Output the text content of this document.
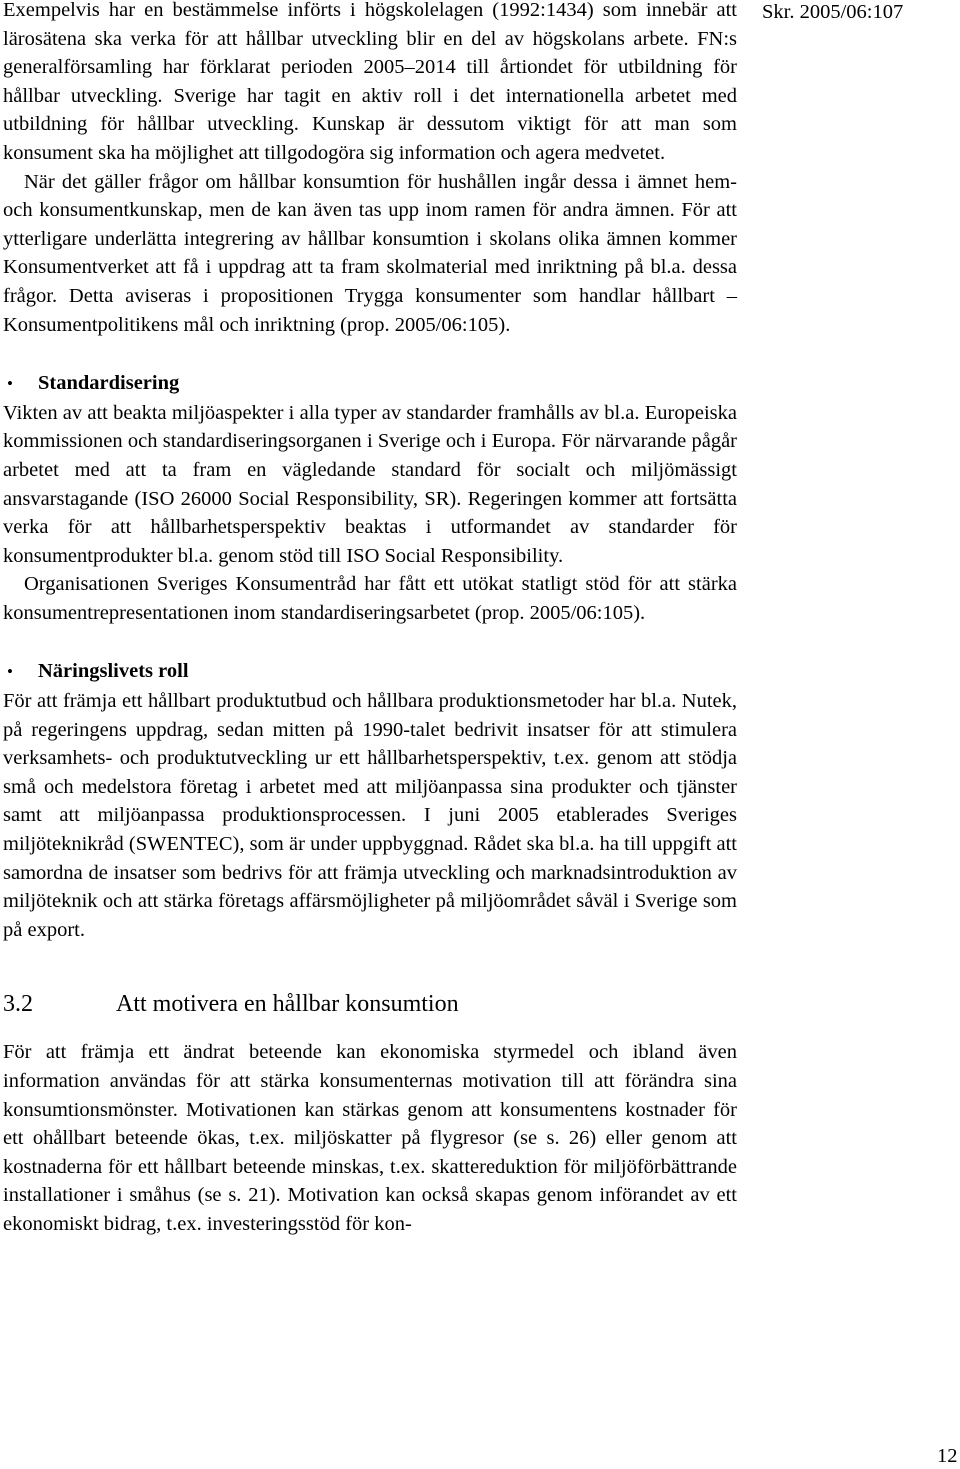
Exempelvis har en bestämmelse införts i högskolelagen (1992:1434) som innebär att lärosätena ska verka för att hållbar utveckling blir en del av högskolans arbete. FN:s generalförsamling har förklarat perioden 2005–2014 till årtiondet för utbildning för hållbar utveckling. Sverige har tagit en aktiv roll i det internationella arbetet med utbildning för hållbar utveckling. Kunskap är dessutom viktigt för att man som konsument ska ha möjlighet att tillgodogöra sig information och agera medvetet.

När det gäller frågor om hållbar konsumtion för hushållen ingår dessa i ämnet hem- och konsumentkunskap, men de kan även tas upp inom ramen för andra ämnen. För att ytterligare underlätta integrering av hållbar konsumtion i skolans olika ämnen kommer Konsumentverket att få i uppdrag att ta fram skolmaterial med inriktning på bl.a. dessa frågor. Detta aviseras i propositionen Trygga konsumenter som handlar hållbart – Konsumentpolitikens mål och inriktning (prop. 2005/06:105).

•	Standardisering

Vikten av att beakta miljöaspekter i alla typer av standarder framhålls av bl.a. Europeiska kommissionen och standardiseringsorganen i Sverige och i Europa. För närvarande pågår arbetet med att ta fram en vägledande standard för socialt och miljömässigt ansvarstagande (ISO 26000 Social Responsibility, SR). Regeringen kommer att fortsätta verka för att hållbarhetsperspektiv beaktas i utformandet av standarder för konsumentprodukter bl.a. genom stöd till ISO Social Responsibility.

Organisationen Sveriges Konsumentråd har fått ett utökat statligt stöd för att stärka konsumentrepresentationen inom standardiseringsarbetet (prop. 2005/06:105).

•	Näringslivets roll

För att främja ett hållbart produktutbud och hållbara produktionsmetoder har bl.a. Nutek, på regeringens uppdrag, sedan mitten på 1990-talet bedrivit insatser för att stimulera verksamhets- och produktutveckling ur ett hållbarhetsperspektiv, t.ex. genom att stödja små och medelstora företag i arbetet med att miljöanpassa sina produkter och tjänster samt att miljöanpassa produktionsprocessen. I juni 2005 etablerades Sveriges miljöteknikråd (SWENTEC), som är under uppbyggnad. Rådet ska bl.a. ha till uppgift att samordna de insatser som bedrivs för att främja utveckling och marknadsintroduktion av miljöteknik och att stärka företags affärsmöjligheter på miljöområdet såväl i Sverige som på export.

3.2	Att motivera en hållbar konsumtion

För att främja ett ändrat beteende kan ekonomiska styrmedel och ibland även information användas för att stärka konsumenternas motivation till att förändra sina konsumtionsmönster. Motivationen kan stärkas genom att konsumentens kostnader för ett ohållbart beteende ökas, t.ex. miljöskatter på flygresor (se s. 26) eller genom att kostnaderna för ett hållbart beteende minskas, t.ex. skattereduktion för miljöförbättrande installationer i småhus (se s. 21). Motivation kan också skapas genom införandet av ett ekonomiskt bidrag, t.ex. investeringsstöd för kon-

Skr. 2005/06:107
12
